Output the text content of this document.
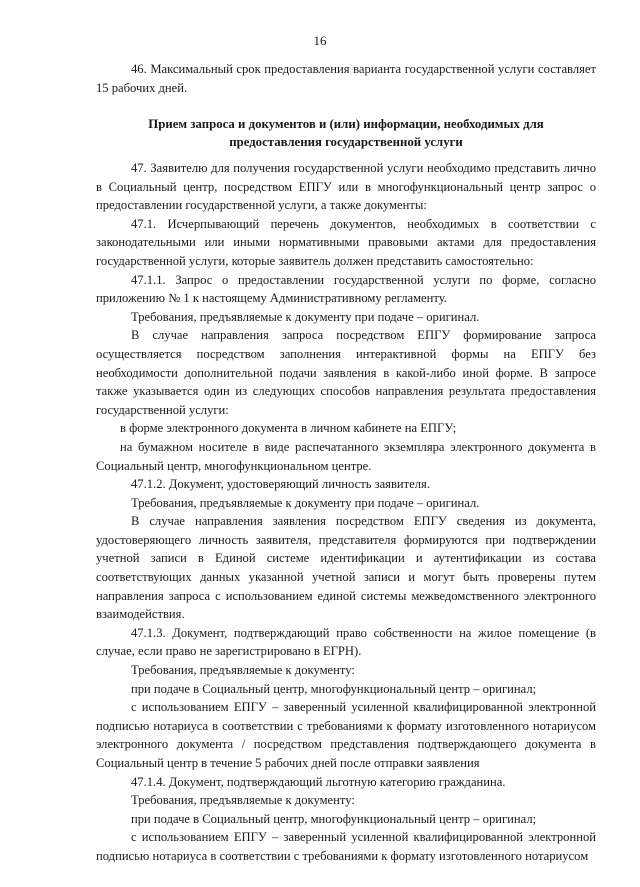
16

46. Максимальный срок предоставления варианта государственной услуги составляет 15 рабочих дней.

Прием запроса и документов и (или) информации, необходимых для предоставления государственной услуги

47. Заявителю для получения государственной услуги необходимо представить лично в Социальный центр, посредством ЕПГУ или в многофункциональный центр запрос о предоставлении государственной услуги, а также документы:

47.1. Исчерпывающий перечень документов, необходимых в соответствии с законодательными или иными нормативными правовыми актами для предоставления государственной услуги, которые заявитель должен представить самостоятельно:

47.1.1. Запрос о предоставлении государственной услуги по форме, согласно приложению № 1 к настоящему Административному регламенту.

Требования, предъявляемые к документу при подаче – оригинал.

В случае направления запроса посредством ЕПГУ формирование запроса осуществляется посредством заполнения интерактивной формы на ЕПГУ без необходимости дополнительной подачи заявления в какой-либо иной форме. В запросе также указывается один из следующих способов направления результата предоставления государственной услуги:

в форме электронного документа в личном кабинете на ЕПГУ;

на бумажном носителе в виде распечатанного экземпляра электронного документа в Социальный центр, многофункциональном центре.

47.1.2. Документ, удостоверяющий личность заявителя.

Требования, предъявляемые к документу при подаче – оригинал.

В случае направления заявления посредством ЕПГУ сведения из документа, удостоверяющего личность заявителя, представителя формируются при подтверждении учетной записи в Единой системе идентификации и аутентификации из состава соответствующих данных указанной учетной записи и могут быть проверены путем направления запроса с использованием единой системы межведомственного электронного взаимодействия.

47.1.3. Документ, подтверждающий право собственности на жилое помещение (в случае, если право не зарегистрировано в ЕГРН).

Требования, предъявляемые к документу:

при подаче в Социальный центр, многофункциональный центр – оригинал;

с использованием ЕПГУ – заверенный усиленной квалифицированной электронной подписью нотариуса в соответствии с требованиями к формату изготовленного нотариусом электронного документа / посредством представления подтверждающего документа в Социальный центр в течение 5 рабочих дней после отправки заявления

47.1.4. Документ, подтверждающий льготную категорию гражданина.

Требования, предъявляемые к документу:

при подаче в Социальный центр, многофункциональный центр – оригинал;

с использованием ЕПГУ – заверенный усиленной квалифицированной электронной подписью нотариуса в соответствии с требованиями к формату изготовленного нотариусом
